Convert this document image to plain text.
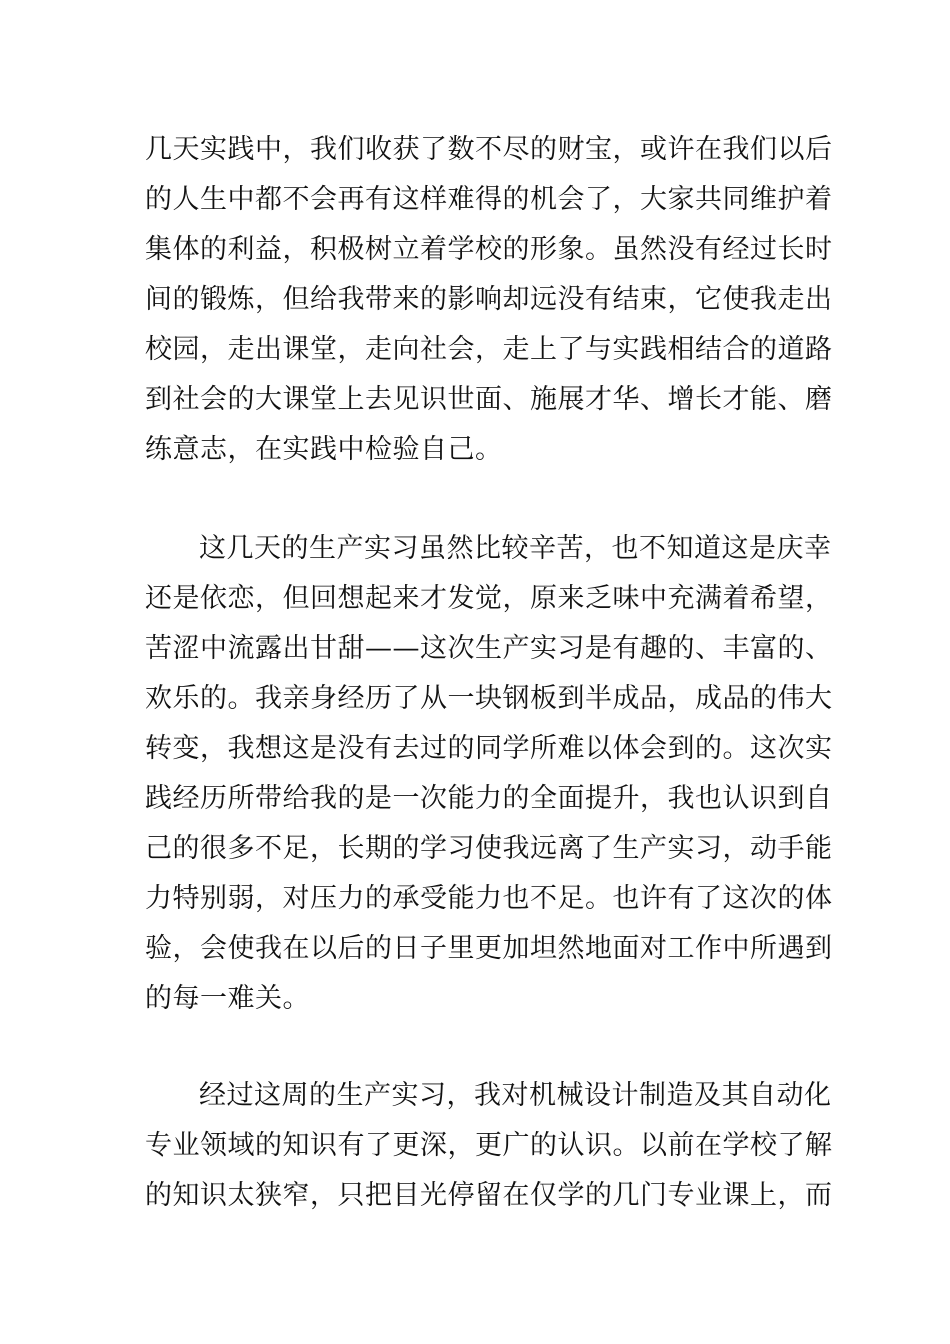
几天实践中，我们收获了数不尽的财宝，或许在我们以后
的人生中都不会再有这样难得的机会了，大家共同维护着
集体的利益，积极树立着学校的形象。虽然没有经过长时
间的锻炼，但给我带来的影响却远没有结束，它使我走出
校园，走出课堂，走向社会，走上了与实践相结合的道路
到社会的大课堂上去见识世面、施展才华、增长才能、磨
练意志，在实践中检验自己。
这几天的生产实习虽然比较辛苦，也不知道这是庆幸
还是依恋，但回想起来才发觉，原来乏味中充满着希望，
苦涩中流露出甘甜——这次生产实习是有趣的、丰富的、
欢乐的。我亲身经历了从一块钢板到半成品，成品的伟大
转变，我想这是没有去过的同学所难以体会到的。这次实
践经历所带给我的是一次能力的全面提升，我也认识到自
己的很多不足，长期的学习使我远离了生产实习，动手能
力特别弱，对压力的承受能力也不足。也许有了这次的体
验，会使我在以后的日子里更加坦然地面对工作中所遇到
的每一难关。
经过这周的生产实习，我对机械设计制造及其自动化
专业领域的知识有了更深，更广的认识。以前在学校了解
的知识太狭窄，只把目光停留在仅学的几门专业课上，而
